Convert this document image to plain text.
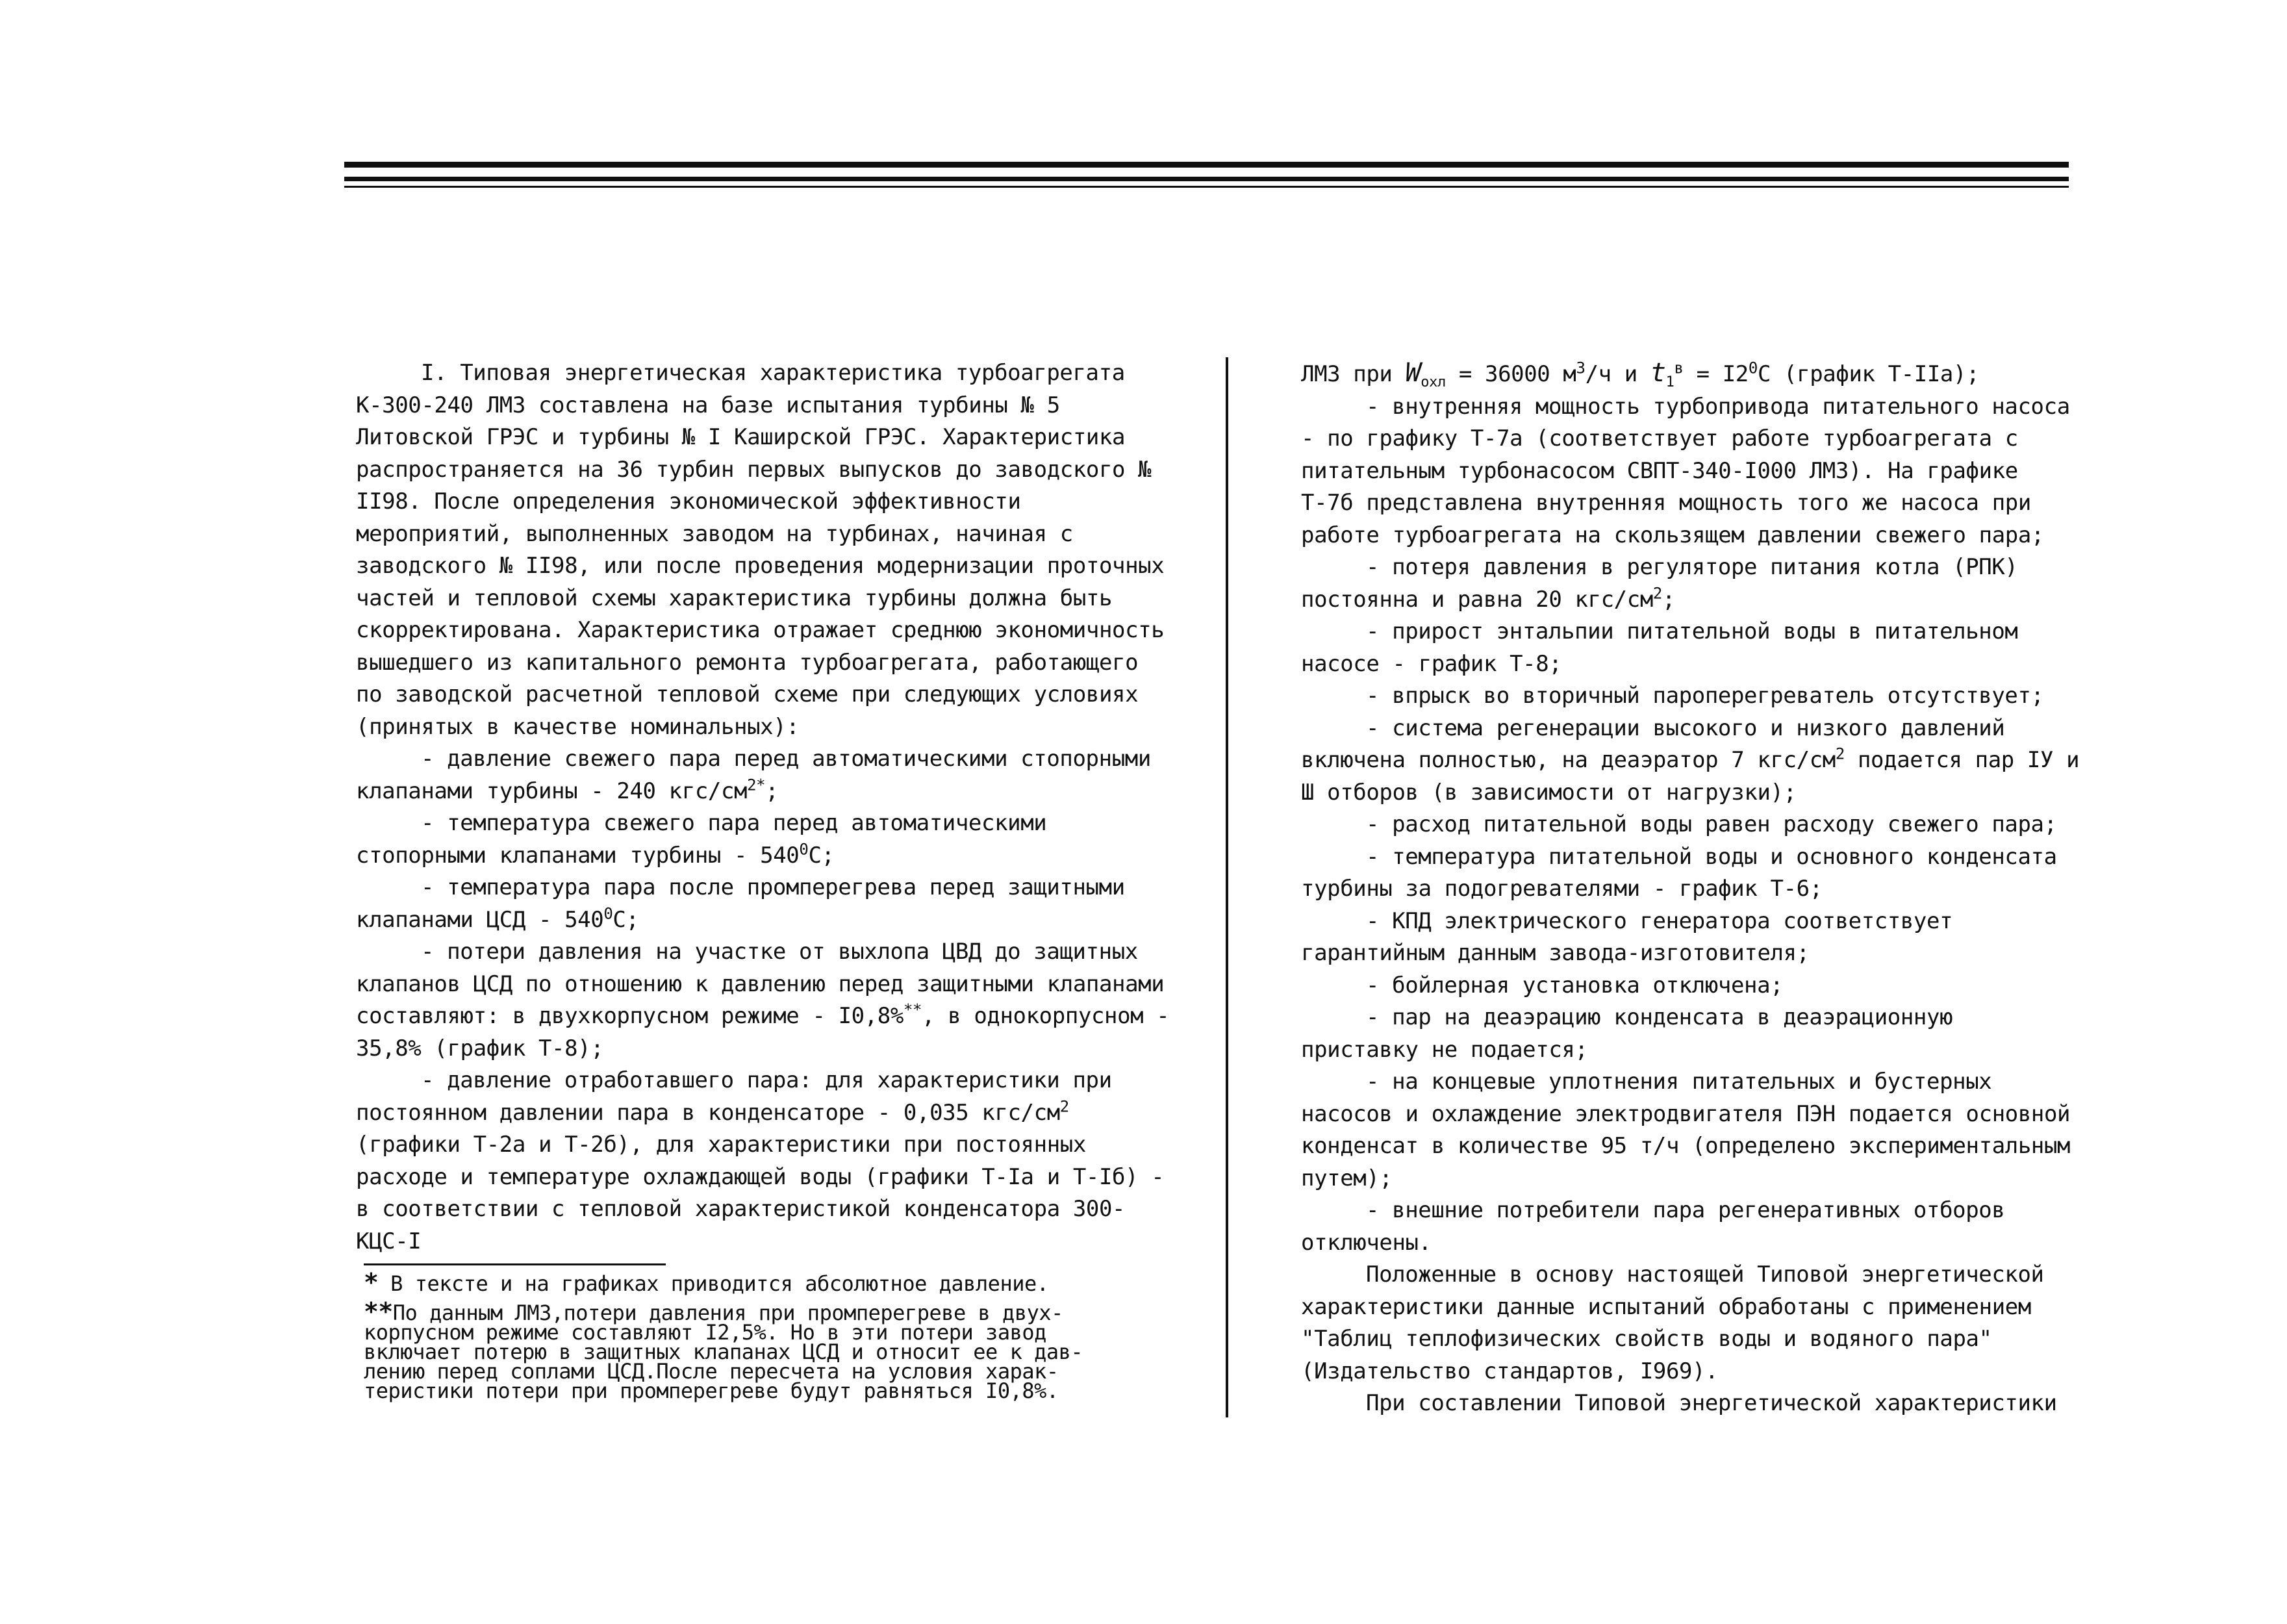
I. Типовая энергетическая характеристика турбоагрегата К-300-240 ЛМЗ составлена на базе испытания турбины № 5 Литовской ГРЭС и турбины № I Каширской ГРЭС. Характеристика распространяется на 36 турбин первых выпусков до заводского № II98. После определения экономической эффективности мероприятий, выполненных заводом на турбинах, начиная с заводского № II98, или после проведения модернизации проточных частей и тепловой схемы характеристика турбины должна быть скорректирована. Характеристика отражает среднюю экономичность вышедшего из капитального ремонта турбоагрегата, работающего по заводской расчетной тепловой схеме при следующих условиях (принятых в качестве номинальных):

- давление свежего пара перед автоматическими стопорными клапанами турбины - 240 кгс/$см^{2*}$;

- температура свежего пара перед автоматическими стопорными клапанами турбины - $540^0С$;

- температура пара после промперегрева перед защитными клапанами ЦСД - $540^0С$;

- потери давления на участке от выхлопа ЦВД до защитных клапанов ЦСД по отношению к давлению перед защитными клапанами составляют: в двухкорпусном режиме - I0,8%**, в однокорпусном - 35,8% (график Т-8);

- давление отработавшего пара: для характеристики при постоянном давлении пара в конденсаторе - 0,035 кгс/$см^2$ (графики Т-2а и Т-2б), для характеристики при постоянных расходе и температуре охлаждающей воды (графики Т-Iа и Т-Iб) - в соответствии с тепловой характеристикой конденсатора 300-КЦС-I

* В тексте и на графиках приводится абсолютное давление.

**По данным ЛМЗ,потери давления при промперегреве в двух-
корпусном режиме составляют I2,5%. Но в эти потери завод
включает потерю в защитных клапанах ЦСД и относит ее к дав-
лению перед соплами ЦСД.После пересчета на условия харак-
теристики потери при промперегреве будут равняться I0,8%.

ЛМЗ при $W_{охл} = 36000$ $м^3/ч$ и $t_1^в = I2^0С$ (график Т-IIа);

- внутренняя мощность турбопривода питательного насоса - по графику Т-7а (соответствует работе турбоагрегата с питательным турбонасосом СВПТ-340-I000 ЛМЗ). На графике Т-7б представлена внутренняя мощность того же насоса при работе турбоагрегата на скользящем давлении свежего пара;

- потеря давления в регуляторе питания котла (РПК) постоянна и равна 20 кгс/$см^2$;

- прирост энтальпии питательной воды в питательном насосе - график Т-8;

- впрыск во вторичный пароперегреватель отсутствует;

- система регенерации высокого и низкого давлений включена полностью, на деаэратор 7 кгс/$см^2$ подается пар IУ и Ш отборов (в зависимости от нагрузки);

- расход питательной воды равен расходу свежего пара;

- температура питательной воды и основного конденсата турбины за подогревателями - график Т-6;

- КПД электрического генератора соответствует гарантийным данным завода-изготовителя;

- бойлерная установка отключена;

- пар на деаэрацию конденсата в деаэрационную приставку не подается;

- на концевые уплотнения питательных и бустерных насосов и охлаждение электродвигателя ПЭН подается основной конденсат в количестве 95 т/ч (определено экспериментальным путем);

- внешние потребители пара регенеративных отборов отключены.

Положенные в основу настоящей Типовой энергетической характеристики данные испытаний обработаны с применением "Таблиц теплофизических свойств воды и водяного пара" (Издательство стандартов, I969).

При составлении Типовой энергетической характеристики
